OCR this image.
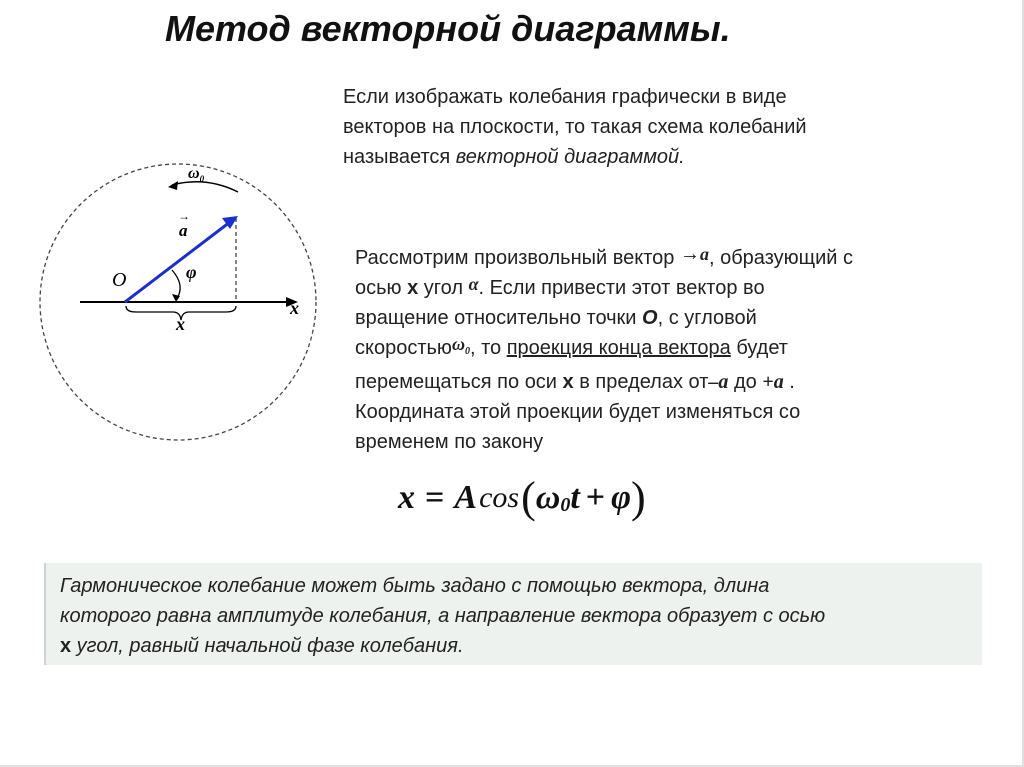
Метод векторной диаграммы.

Если изображать колебания графически в виде
векторов на плоскости, то такая схема колебаний
называется векторной диаграммой.

Рассмотрим произвольный вектор →a, образующий с
осью x угол α. Если привести этот вектор во
вращение относительно точки O, с угловой
скоростьюω$_0$, то проекция конца вектора будет
перемещаться по оси x в пределах от–a до +a .
Координата этой проекции будет изменяться со
временем по закону

x = A cos ( ω 0 t + φ )
$\omega_0$
→
a
O	φ
x
x

Гармоническое колебание может быть задано с помощью вектора, длина
которого равна амплитуде колебания, а направление вектора образует с осью
x угол, равный начальной фазе колебания.
